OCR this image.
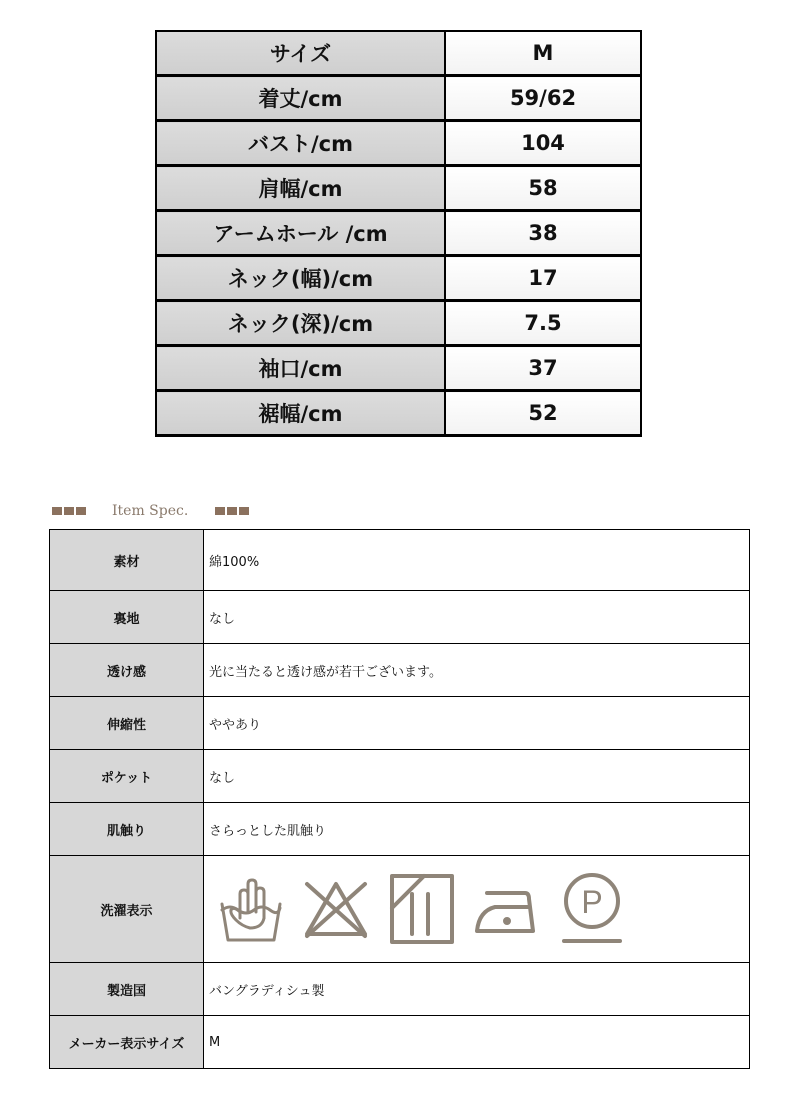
サイズ	M
着丈/cm	59/62
バスト/cm	104
肩幅/cm	58
アームホール /cm	38
ネック(幅)/cm	17
ネック(深)/cm	7.5
袖口/cm	37
裾幅/cm	52
Item Spec.
素材	綿100%
裏地	なし
透け感	光に当たると透け感が若干ございます。
伸縮性	ややあり
ポケット	なし
肌触り	さらっとした肌触り
洗濯表示	P

製造国	バングラディシュ製
メーカー表示サイズ	M
